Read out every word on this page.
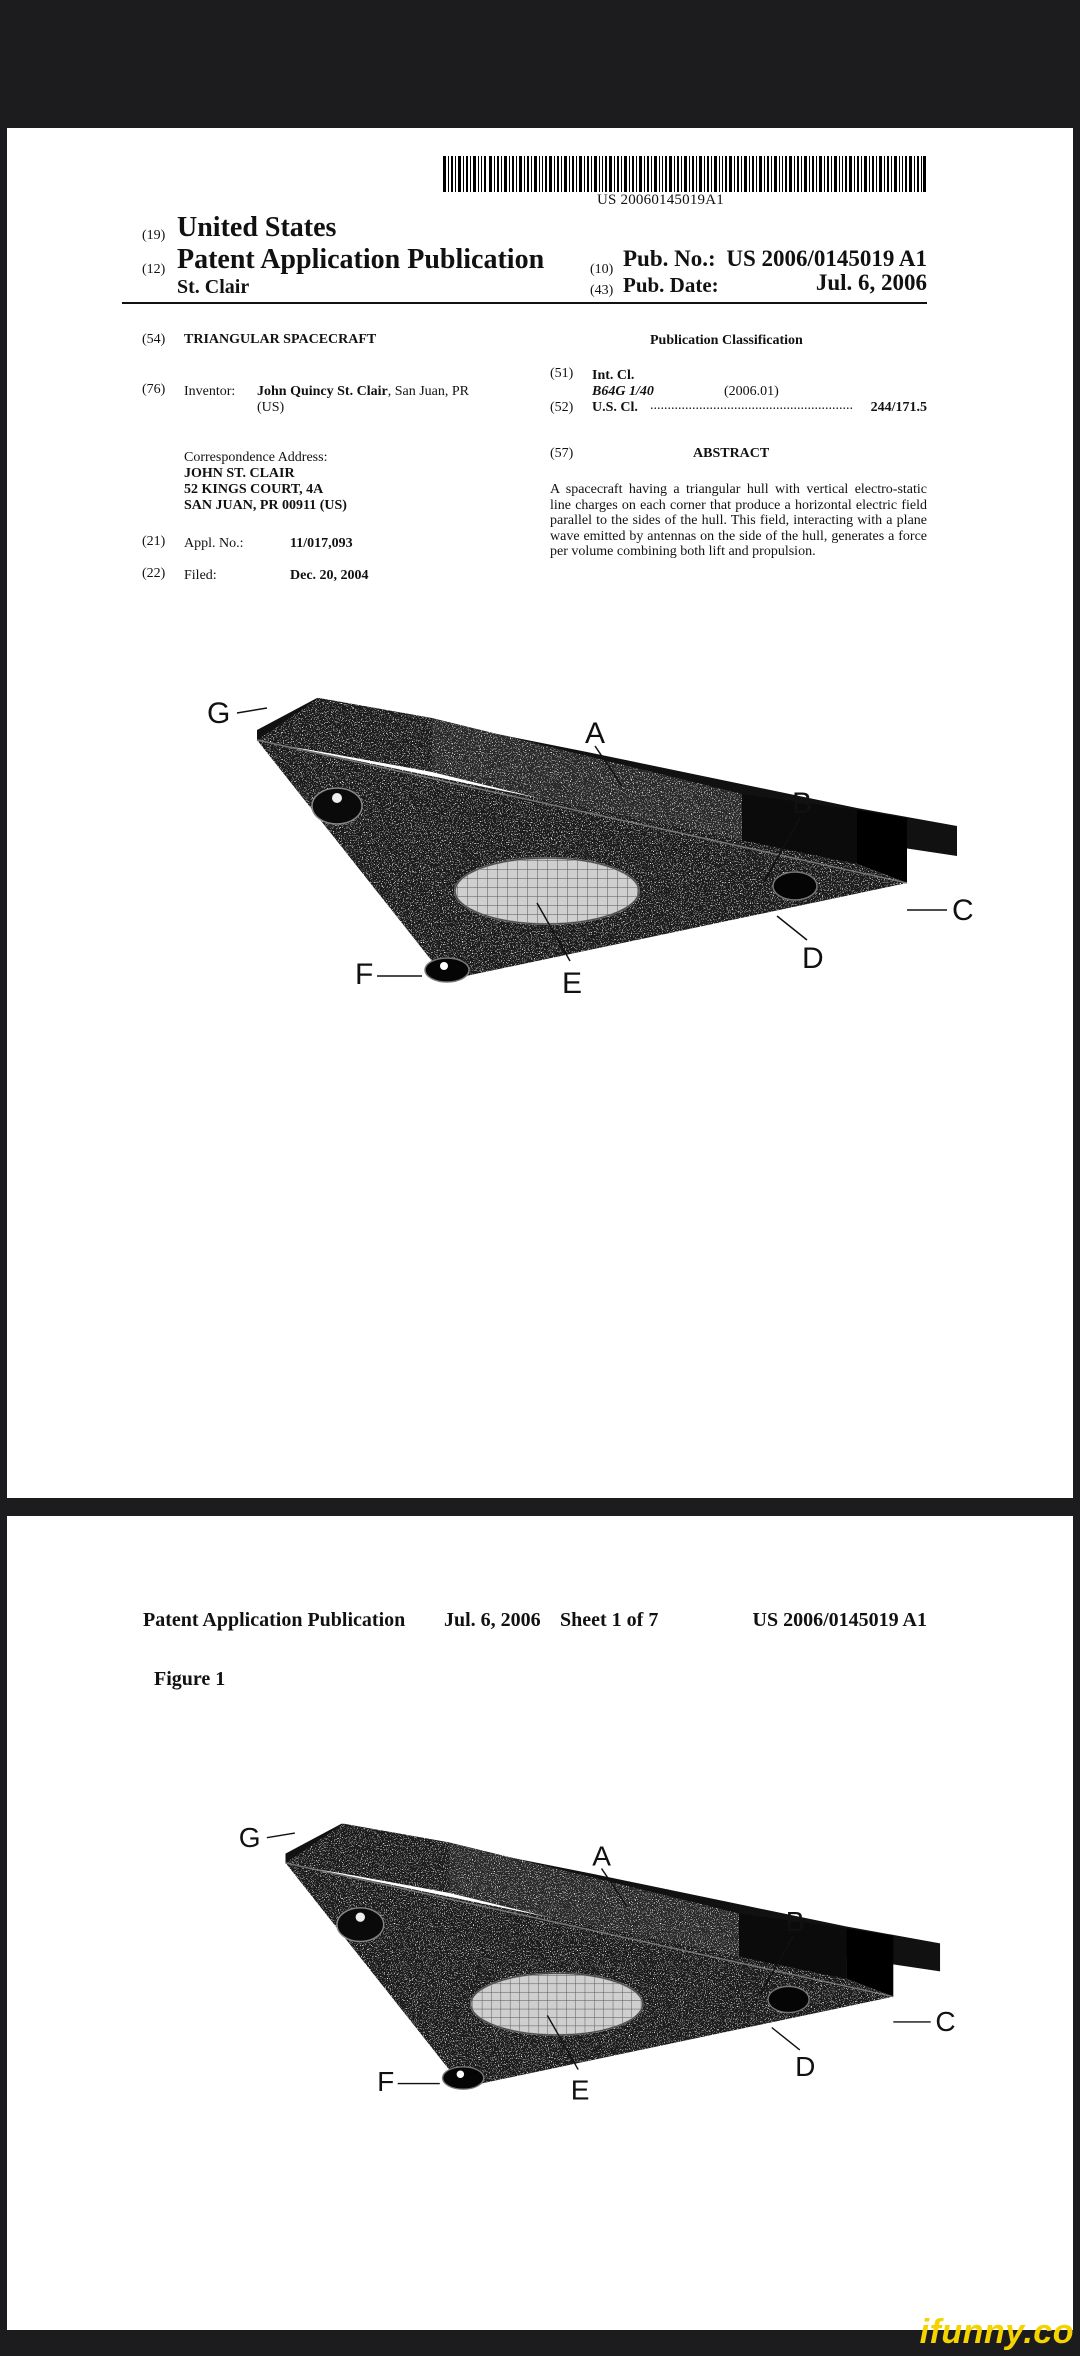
US 20060145019A1
(19) United States
(12) Patent Application Publication
St. Clair
(10) Pub. No.: US 2006/0145019 A1
(43) Pub. Date:	Jul. 6, 2006
(54) TRIANGULAR SPACECRAFT
(76) Inventor: John Quincy St. Clair, San Juan, PR
(US)
Correspondence Address:
JOHN ST. CLAIR
52 KINGS COURT, 4A
SAN JUAN, PR 00911 (US)
(21) Appl. No.:	11/017,093
(22) Filed:	Dec. 20, 2004
Publication Classification
(51) Int. Cl.
B64G 1/40	(2006.01)
(52) U.S. Cl. ..........................................................	244/171.5
(57)	ABSTRACT
A spacecraft having a triangular hull with vertical electro-static line charges on each corner that produce a horizontal electric field parallel to the sides of the hull. This field, interacting with a plane wave emitted by antennas on the side of the hull, generates a force per volume combining both lift and propulsion.
G
A
B
C
D
E
F
Patent Application Publication Jul. 6, 2006 Sheet 1 of 7	US 2006/0145019 A1
Figure 1
G
A
B
C
D
E
F
ifunny.co
